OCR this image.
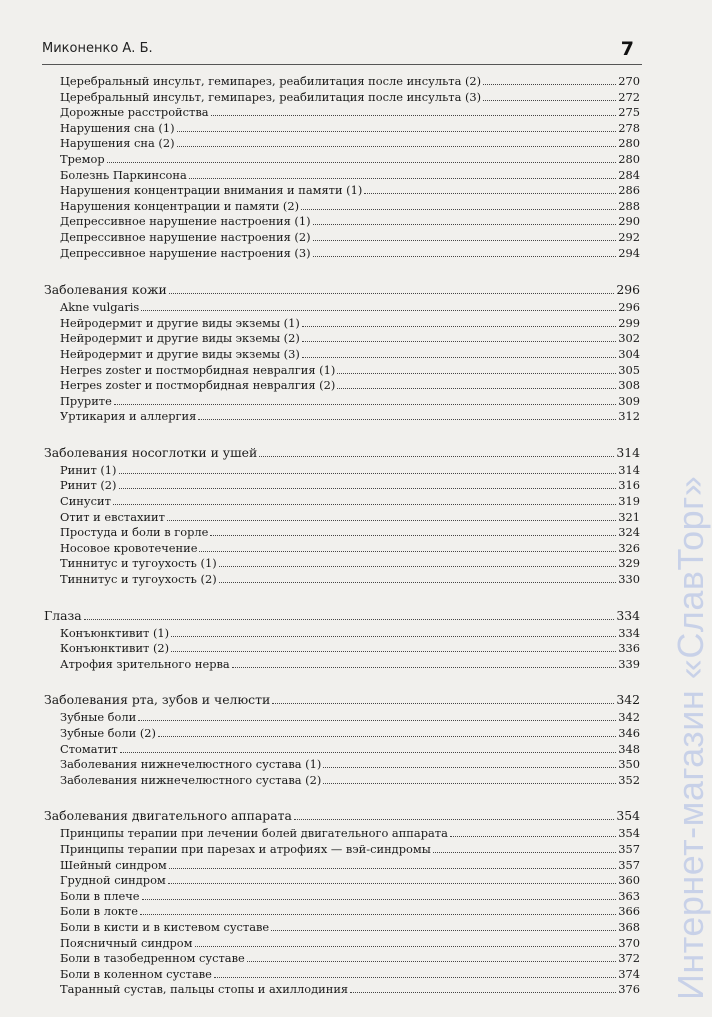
Миконенко А. Б.	7
Церебральный инсульт, гемипарез, реабилитация после инсульта (2)	270
Церебральный инсульт, гемипарез, реабилитация после инсульта (3)	272
Дорожные расстройства	275
Нарушения сна (1)	278
Нарушения сна (2)	280
Тремор	280
Болезнь Паркинсона	284
Нарушения концентрации внимания и памяти (1)	286
Нарушения концентрации и памяти (2)	288
Депрессивное нарушение настроения (1)	290
Депрессивное нарушение настроения (2)	292
Депрессивное нарушение настроения (3)	294
Заболевания кожи	296
Akne vulgaris	296
Нейродермит и другие виды экземы (1)	299
Нейродермит и другие виды экземы (2)	302
Нейродермит и другие виды экземы (3)	304
Herpes zoster и постморбидная невралгия (1)	305
Herpes zoster и постморбидная невралгия (2)	308
Прурите	309
Уртикария и аллергия	312
Заболевания носоглотки и ушей	314
Ринит (1)	314
Ринит (2)	316
Синусит	319
Отит и евстахиит	321
Простуда и боли в горле	324
Носовое кровотечение	326
Тиннитус и тугоухость (1)	329
Тиннитус и тугоухость (2)	330
Глаза	334
Конъюнктивит (1)	334
Конъюнктивит (2)	336
Атрофия зрительного нерва	339
Заболевания рта, зубов и челюсти	342
Зубные боли	342
Зубные боли (2)	346
Стоматит	348
Заболевания нижнечелюстного сустава (1)	350
Заболевания нижнечелюстного сустава (2)	352
Заболевания двигательного аппарата	354
Принципы терапии при лечении болей двигательного аппарата	354
Принципы терапии при парезах и атрофиях — вэй-синдромы	357
Шейный синдром	357
Грудной синдром	360
Боли в плече	363
Боли в локте	366
Боли в кисти и в кистевом суставе	368
Поясничный синдром	370
Боли в тазобедренном суставе	372
Боли в коленном суставе	374
Таранный сустав, пальцы стопы и ахиллодиния	376 Интернет-магазин «СлавТорг»
